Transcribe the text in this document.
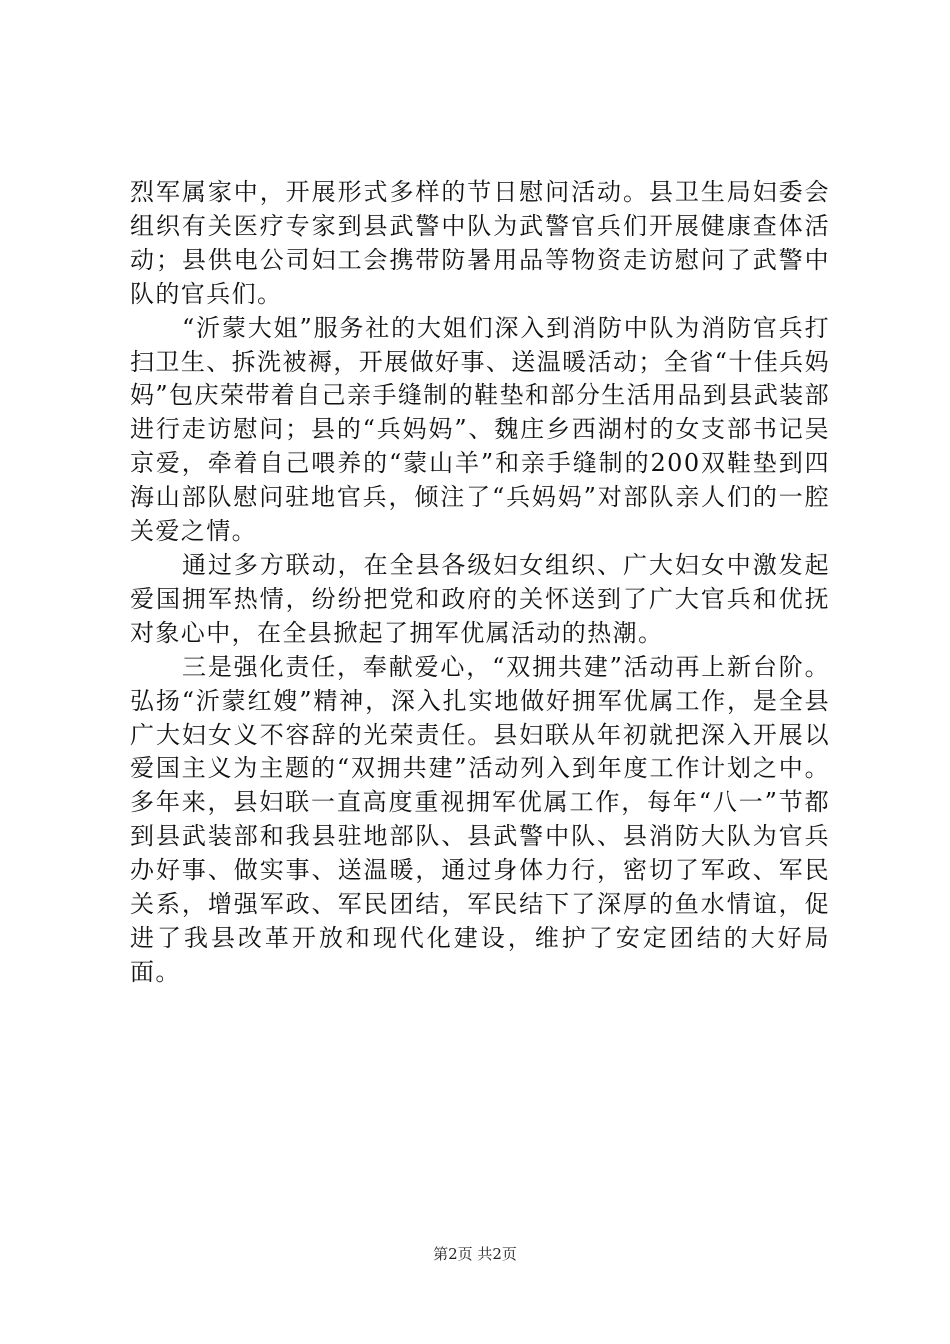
烈军属家中，开展形式多样的节日慰问活动。县卫生局妇委会组织有关医疗专家到县武警中队为武警官兵们开展健康查体活动；县供电公司妇工会携带防暑用品等物资走访慰问了武警中队的官兵们。

“沂蒙大姐”服务社的大姐们深入到消防中队为消防官兵打扫卫生、拆洗被褥，开展做好事、送温暖活动；全省“十佳兵妈妈”包庆荣带着自己亲手缝制的鞋垫和部分生活用品到县武装部进行走访慰问；县的“兵妈妈”、魏庄乡西湖村的女支部书记吴京爱，牵着自己喂养的“蒙山羊”和亲手缝制的200双鞋垫到四海山部队慰问驻地官兵，倾注了“兵妈妈”对部队亲人们的一腔关爱之情。

通过多方联动，在全县各级妇女组织、广大妇女中激发起爱国拥军热情，纷纷把党和政府的关怀送到了广大官兵和优抚对象心中，在全县掀起了拥军优属活动的热潮。

三是强化责任，奉献爱心，“双拥共建”活动再上新台阶。弘扬“沂蒙红嫂”精神，深入扎实地做好拥军优属工作，是全县广大妇女义不容辞的光荣责任。县妇联从年初就把深入开展以爱国主义为主题的“双拥共建”活动列入到年度工作计划之中。多年来，县妇联一直高度重视拥军优属工作，每年“八一”节都到县武装部和我县驻地部队、县武警中队、县消防大队为官兵办好事、做实事、送温暖，通过身体力行，密切了军政、军民关系，增强军政、军民团结，军民结下了深厚的鱼水情谊，促进了我县改革开放和现代化建设，维护了安定团结的大好局面。

第2页 共2页
